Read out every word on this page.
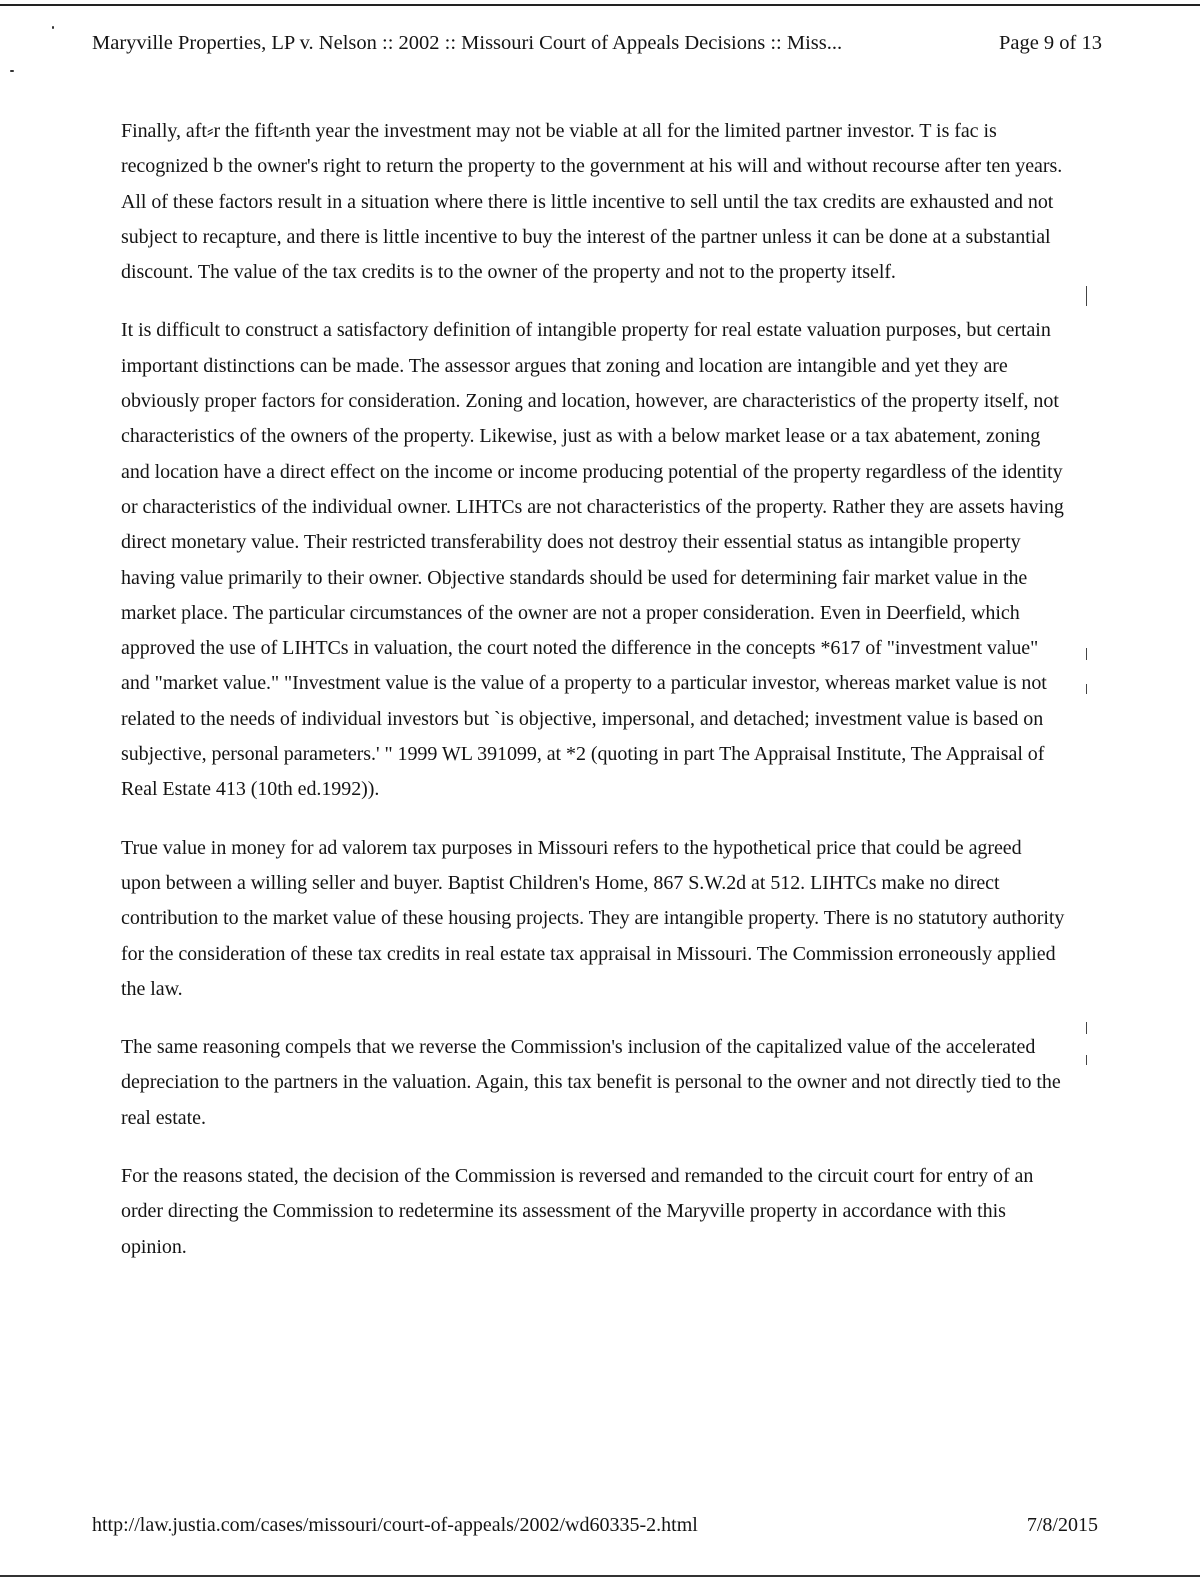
Maryville Properties, LP v. Nelson :: 2002 :: Missouri Court of Appeals Decisions :: Miss...	Page 9 of 13

Finally, aft⸗r the fift⸗nth year the investment may not be viable at all for the limited partner investor. T is fac is recognized b the owner's right to return the property to the government at his will and without recourse after ten years. All of these factors result in a situation where there is little incentive to sell until the tax credits are exhausted and not subject to recapture, and there is little incentive to buy the interest of the partner unless it can be done at a substantial discount. The value of the tax credits is to the owner of the property and not to the property itself.

It is difficult to construct a satisfactory definition of intangible property for real estate valuation purposes, but certain important distinctions can be made. The assessor argues that zoning and location are intangible and yet they are obviously proper factors for consideration. Zoning and location, however, are characteristics of the property itself, not characteristics of the owners of the property. Likewise, just as with a below market lease or a tax abatement, zoning and location have a direct effect on the income or income producing potential of the property regardless of the identity or characteristics of the individual owner. LIHTCs are not characteristics of the property. Rather they are assets having direct monetary value. Their restricted transferability does not destroy their essential status as intangible property having value primarily to their owner. Objective standards should be used for determining fair market value in the market place. The particular circumstances of the owner are not a proper consideration. Even in Deerfield, which approved the use of LIHTCs in valuation, the court noted the difference in the concepts *617 of "investment value" and "market value." "Investment value is the value of a property to a particular investor, whereas market value is not related to the needs of individual investors but `is objective, impersonal, and detached; investment value is based on subjective, personal parameters.' " 1999 WL 391099, at *2 (quoting in part The Appraisal Institute, The Appraisal of Real Estate 413 (10th ed.1992)).

True value in money for ad valorem tax purposes in Missouri refers to the hypothetical price that could be agreed upon between a willing seller and buyer. Baptist Children's Home, 867 S.W.2d at 512. LIHTCs make no direct contribution to the market value of these housing projects. They are intangible property. There is no statutory authority for the consideration of these tax credits in real estate tax appraisal in Missouri. The Commission erroneously applied the law.

The same reasoning compels that we reverse the Commission's inclusion of the capitalized value of the accelerated depreciation to the partners in the valuation. Again, this tax benefit is personal to the owner and not directly tied to the real estate.

For the reasons stated, the decision of the Commission is reversed and remanded to the circuit court for entry of an order directing the Commission to redetermine its assessment of the Maryville property in accordance with this opinion.

http://law.justia.com/cases/missouri/court-of-appeals/2002/wd60335-2.html	7/8/2015
